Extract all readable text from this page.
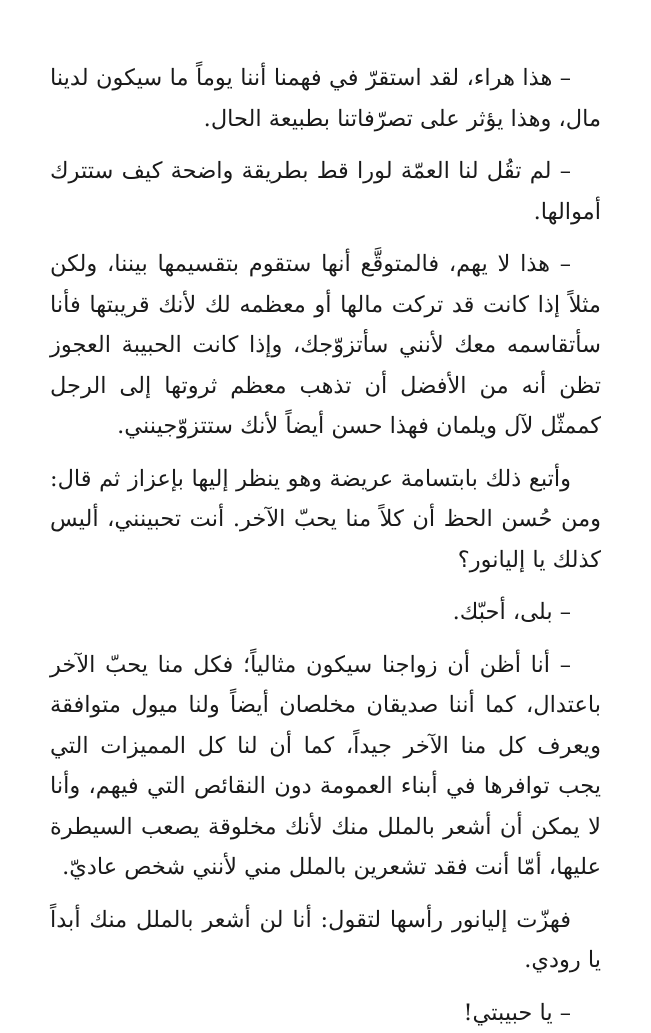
– هذا هراء، لقد استقرّ في فهمنا أننا يوماً ما سيكون لدينا مال، وهذا يؤثر على تصرّفاتنا بطبيعة الحال.

– لم تقُل لنا العمّة لورا قط بطريقة واضحة كيف ستترك أموالها.

– هذا لا يهم، فالمتوقَّع أنها ستقوم بتقسيمها بيننا، ولكن مثلاً إذا كانت قد تركت مالها أو معظمه لك لأنك قريبتها فأنا سأتقاسمه معك لأنني سأتزوّجك، وإذا كانت الحبيبة العجوز تظن أنه من الأفضل أن تذهب معظم ثروتها إلى الرجل كممثّل لآل ويلمان فهذا حسن أيضاً لأنك ستتزوّجينني.

وأتبع ذلك بابتسامة عريضة وهو ينظر إليها بإعزاز ثم قال: ومن حُسن الحظ أن كلاً منا يحبّ الآخر. أنت تحبينني، أليس كذلك يا إليانور؟

– بلى، أحبّك.

– أنا أظن أن زواجنا سيكون مثالياً؛ فكل منا يحبّ الآخر باعتدال، كما أننا صديقان مخلصان أيضاً ولنا ميول متوافقة ويعرف كل منا الآخر جيداً، كما أن لنا كل المميزات التي يجب توافرها في أبناء العمومة دون النقائص التي فيهم، وأنا لا يمكن أن أشعر بالملل منك لأنك مخلوقة يصعب السيطرة عليها، أمّا أنت فقد تشعرين بالملل مني لأنني شخص عاديّ.

فهزّت إليانور رأسها لتقول: أنا لن أشعر بالملل منك أبداً يا رودي.

– يا حبيبتي!
